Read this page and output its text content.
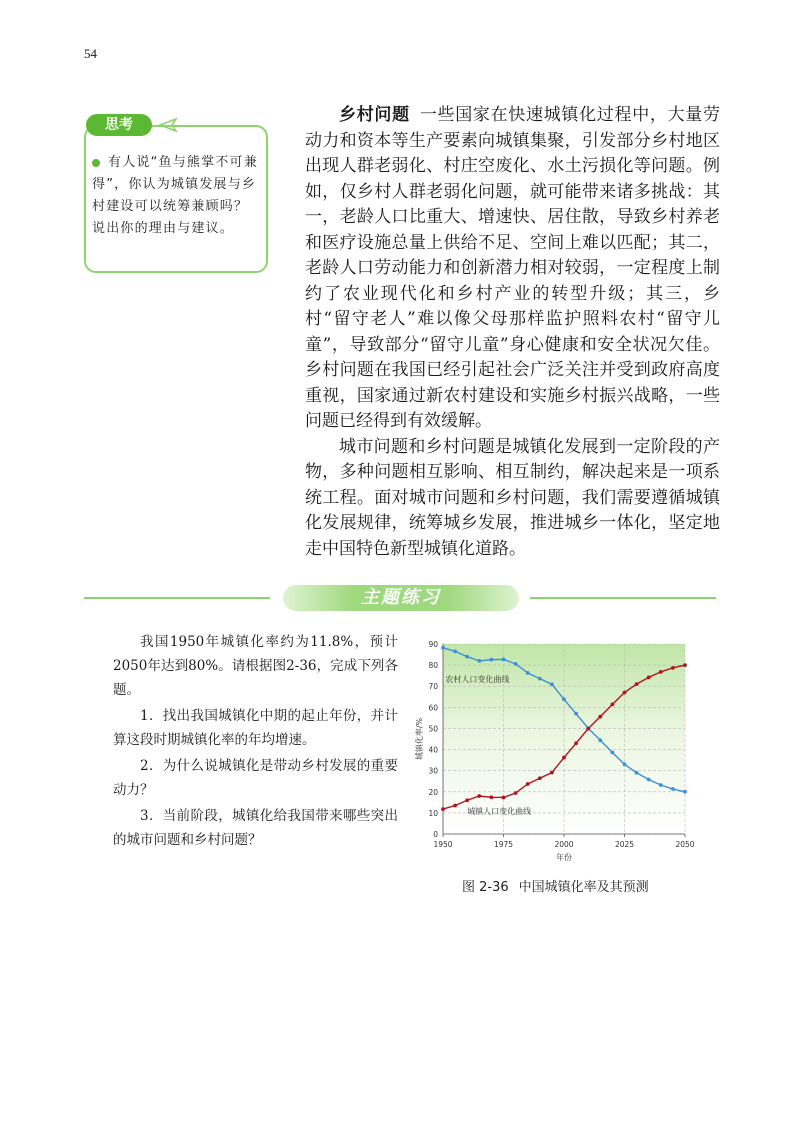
54
思考
有人说“鱼与熊掌不可兼得”，你认为城镇发展与乡村建设可以统筹兼顾吗？说出你的理由与建议。

乡村问题 一些国家在快速城镇化过程中，大量劳动力和资本等生产要素向城镇集聚，引发部分乡村地区出现人群老弱化、村庄空废化、水土污损化等问题。例如，仅乡村人群老弱化问题，就可能带来诸多挑战：其一，老龄人口比重大、增速快、居住散，导致乡村养老和医疗设施总量上供给不足、空间上难以匹配；其二，老龄人口劳动能力和创新潜力相对较弱，一定程度上制约了农业现代化和乡村产业的转型升级；其三，乡村“留守老人”难以像父母那样监护照料农村“留守儿童”，导致部分“留守儿童”身心健康和安全状况欠佳。乡村问题在我国已经引起社会广泛关注并受到政府高度重视，国家通过新农村建设和实施乡村振兴战略，一些问题已经得到有效缓解。

城市问题和乡村问题是城镇化发展到一定阶段的产物，多种问题相互影响、相互制约，解决起来是一项系统工程。面对城市问题和乡村问题，我们需要遵循城镇化发展规律，统筹城乡发展，推进城乡一体化，坚定地走中国特色新型城镇化道路。

主题练习

我国1950年城镇化率约为11.8%，预计2050年达到80%。请根据图2-36，完成下列各题。

1．找出我国城镇化中期的起止年份，并计算这段时期城镇化率的年均增速。

2．为什么说城镇化是带动乡村发展的重要动力？

3．当前阶段，城镇化给我国带来哪些突出的城市问题和乡村问题？	0
10
20
30
40
50
60
70
80
90
1950	1975	2000	2025	2050
年份
城镇化率/%
农村人口变化曲线
城镇人口变化曲线
图 2-36 中国城镇化率及其预测
